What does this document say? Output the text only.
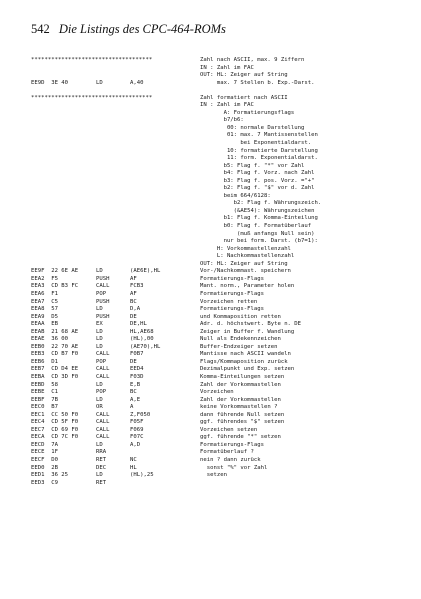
542 Die Listings des CPC-464-ROMs
************************************	Zahl nach ASCII, max. 9 Ziffern
IN : Zahl im FAC
OUT: HL: Zeiger auf String
EE9D  3E 40	LD	A,40	max. 7 Stellen b. Exp.-Darst.
************************************	Zahl formatiert nach ASCII
IN : Zahl im FAC
A: Formatierungsflags
b7/b6:
00: normale Darstellung
01: max. 7 Mantissenstellen
bei Exponentialdarst.
10: formatierte Darstellung
11: form. Exponentialdarst.
b5: Flag f. "*" vor Zahl
b4: Flag f. Vorz. nach Zahl
b3: Flag f. pos. Vorz. ="+"
b2: Flag f. "$" vor d. Zahl
beim 664/6128:
b2: Flag f. Währungszeich.
(&AE54): Währungszeichen
b1: Flag f. Komma-Einteilung
b0: Flag f. Formatüberlauf
(muß anfangs Null sein)
nur bei form. Darst. (b7=1):
H: Vorkommastellenzahl
L: Nachkommastellenzahl
OUT: HL: Zeiger auf String
EE9F  22 6E AE	LD	(AE6E),HL	Vor-/Nachkommast. speichern
EEA2  F5	PUSH	AF	Formatierungs-Flags
EEA3  CD B3 FC	CALL	FCB3	Mant. norm., Parameter holen
EEA6  F1	POP	AF	Formatierungs-Flags
EEA7  C5	PUSH	BC	Vorzeichen retten
EEA8  57	LD	D,A	Formatierungs-Flags
EEA9  D5	PUSH	DE	und Kommaposition retten
EEAA  EB	EX	DE,HL	Adr. d. höchstwert. Byte n. DE
EEAB  21 68 AE	LD	HL,AE68	Zeiger in Buffer f. Wandlung
EEAE  36 00	LD	(HL),00	Null als Endekennzeichen
EEB0  22 70 AE	LD	(AE70),HL	Buffer-Endzeiger setzen
EEB3  CD B7 F0	CALL	F0B7	Mantisse nach ASCII wandeln
EEB6  D1	POP	DE	Flags/Kommaposition zurück
EEB7  CD D4 EE	CALL	EED4	Dezimalpunkt und Exp. setzen
EEBA  CD 3D F0	CALL	F03D	Komma-Einteilungen setzen
EEBD  58	LD	E,B	Zahl der Vorkommastellen
EEBE  C1	POP	BC	Vorzeichen
EEBF  7B	LD	A,E	Zahl der Vorkommastellen
EEC0  B7	OR	A	keine Vorkommastellen ?
EEC1  CC 50 F0	CALL	Z,F050	dann führende Null setzen
EEC4  CD 5F F0	CALL	F05F	ggf. führendes "$" setzen
EEC7  CD 69 F0	CALL	F069	Vorzeichen setzen
EECA  CD 7C F0	CALL	F07C	ggf. führende "*" setzen
EECD  7A	LD	A,D	Formatierungs-Flags
EECE  1F	RRA	Formatüberlauf ?
EECF  D0	RET	NC	nein ? dann zurück
EED0  2B	DEC	HL	sonst "%" vor Zahl
EED1  36 25	LD	(HL),25	setzen
EED3  C9	RET
